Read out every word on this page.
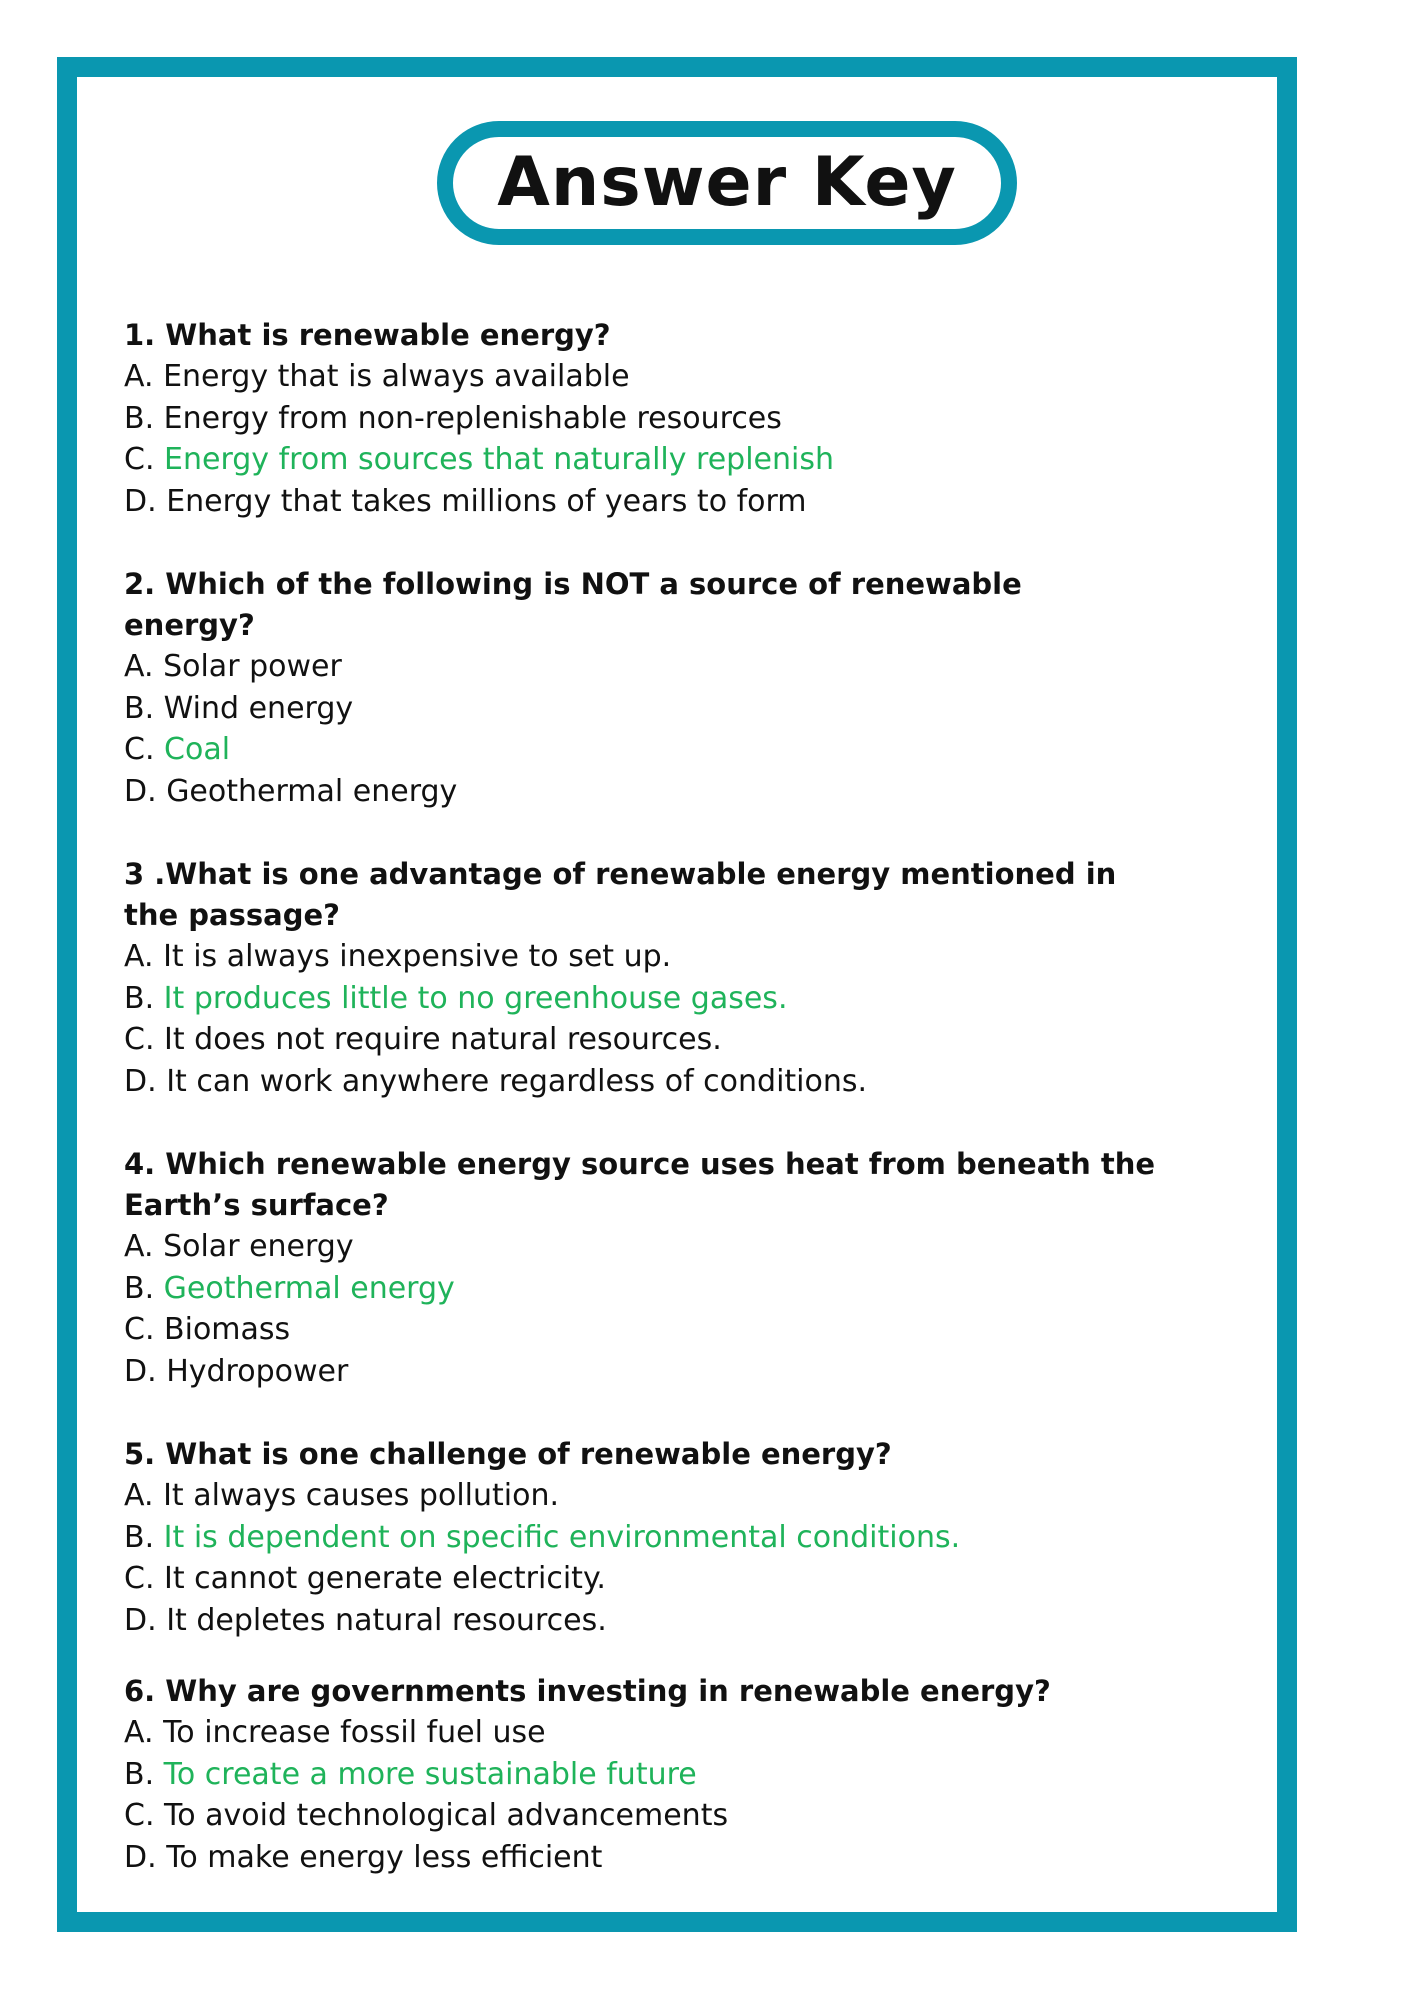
Answer Key

1. What is renewable energy?

A. Energy that is always available

B. Energy from non-replenishable resources

C. Energy from sources that naturally replenish

D. Energy that takes millions of years to form

2. Which of the following is NOT a source of renewable energy?

A. Solar power

B. Wind energy

C. Coal

D. Geothermal energy

3 .What is one advantage of renewable energy mentioned in the passage?

A. It is always inexpensive to set up.

B. It produces little to no greenhouse gases.

C. It does not require natural resources.

D. It can work anywhere regardless of conditions.

4. Which renewable energy source uses heat from beneath the Earth’s surface?

A. Solar energy

B. Geothermal energy

C. Biomass

D. Hydropower

5. What is one challenge of renewable energy?

A. It always causes pollution.

B. It is dependent on specific environmental conditions.

C. It cannot generate electricity.

D. It depletes natural resources.

6. Why are governments investing in renewable energy?

A. To increase fossil fuel use

B. To create a more sustainable future

C. To avoid technological advancements

D. To make energy less efficient
